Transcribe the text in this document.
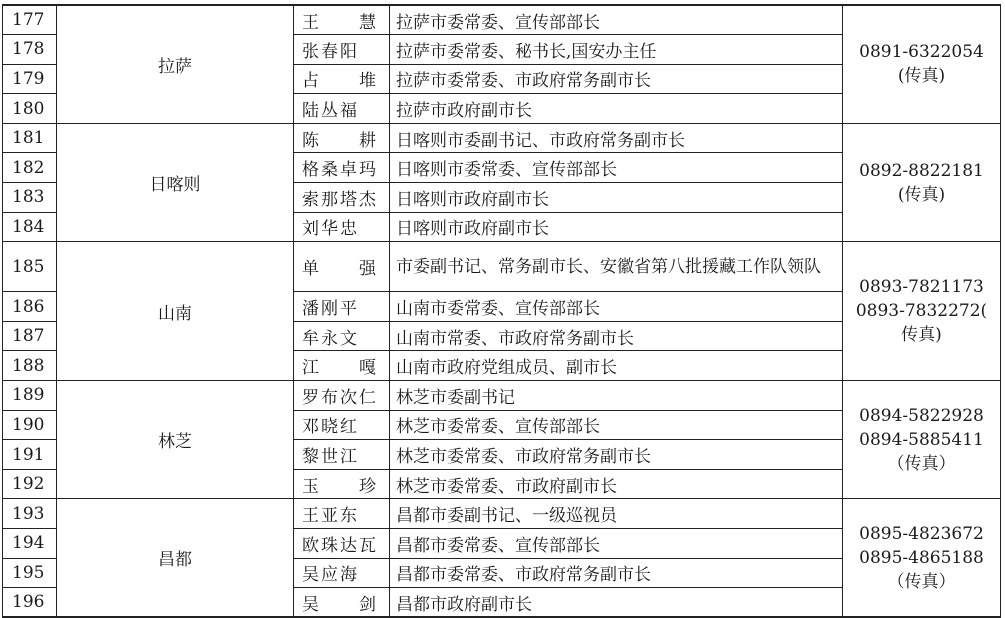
177	拉萨	王　　慧	拉萨市委常委、宣传部部长	0891-6322054
(传真)

178		张春阳	拉萨市委常委、秘书长,国安办主任	
179		占　　堆	拉萨市委常委、市政府常务副市长	
180		陆丛福	拉萨市政府副市长	
181	日喀则	陈　　耕	日喀则市委副书记、市政府常务副市长	0892-8822181
(传真)

182		格桑卓玛	日喀则市委常委、宣传部部长	
183		索那塔杰	日喀则市政府副市长	
184		刘华忠	日喀则市政府副市长	
185	山南	单　　强	市委副书记、常务副市长、安徽省第八批援藏工作队领队	0893-7821173
0893-7832272(
传真)

186		潘刚平	山南市委常委、宣传部部长	
187		牟永文	山南市常委、市政府常务副市长	
188		江　　嘎	山南市政府党组成员、副市长	
189	林芝	罗布次仁	林芝市委副书记	0894-5822928
0894-5885411
（传真）

190		邓晓红	林芝市委常委、宣传部部长	
191		黎世江	林芝市委常委、市政府常务副市长	
192		玉　　珍	林芝市委常委、市政府副市长	
193	昌都	王亚东	昌都市委副书记、一级巡视员	0895-4823672
0895-4865188
（传真）

194		欧珠达瓦	昌都市委常委、宣传部部长	
195		吴应海	昌都市委常委、市政府常务副市长	
196		吴　　剑	昌都市政府副市长	
